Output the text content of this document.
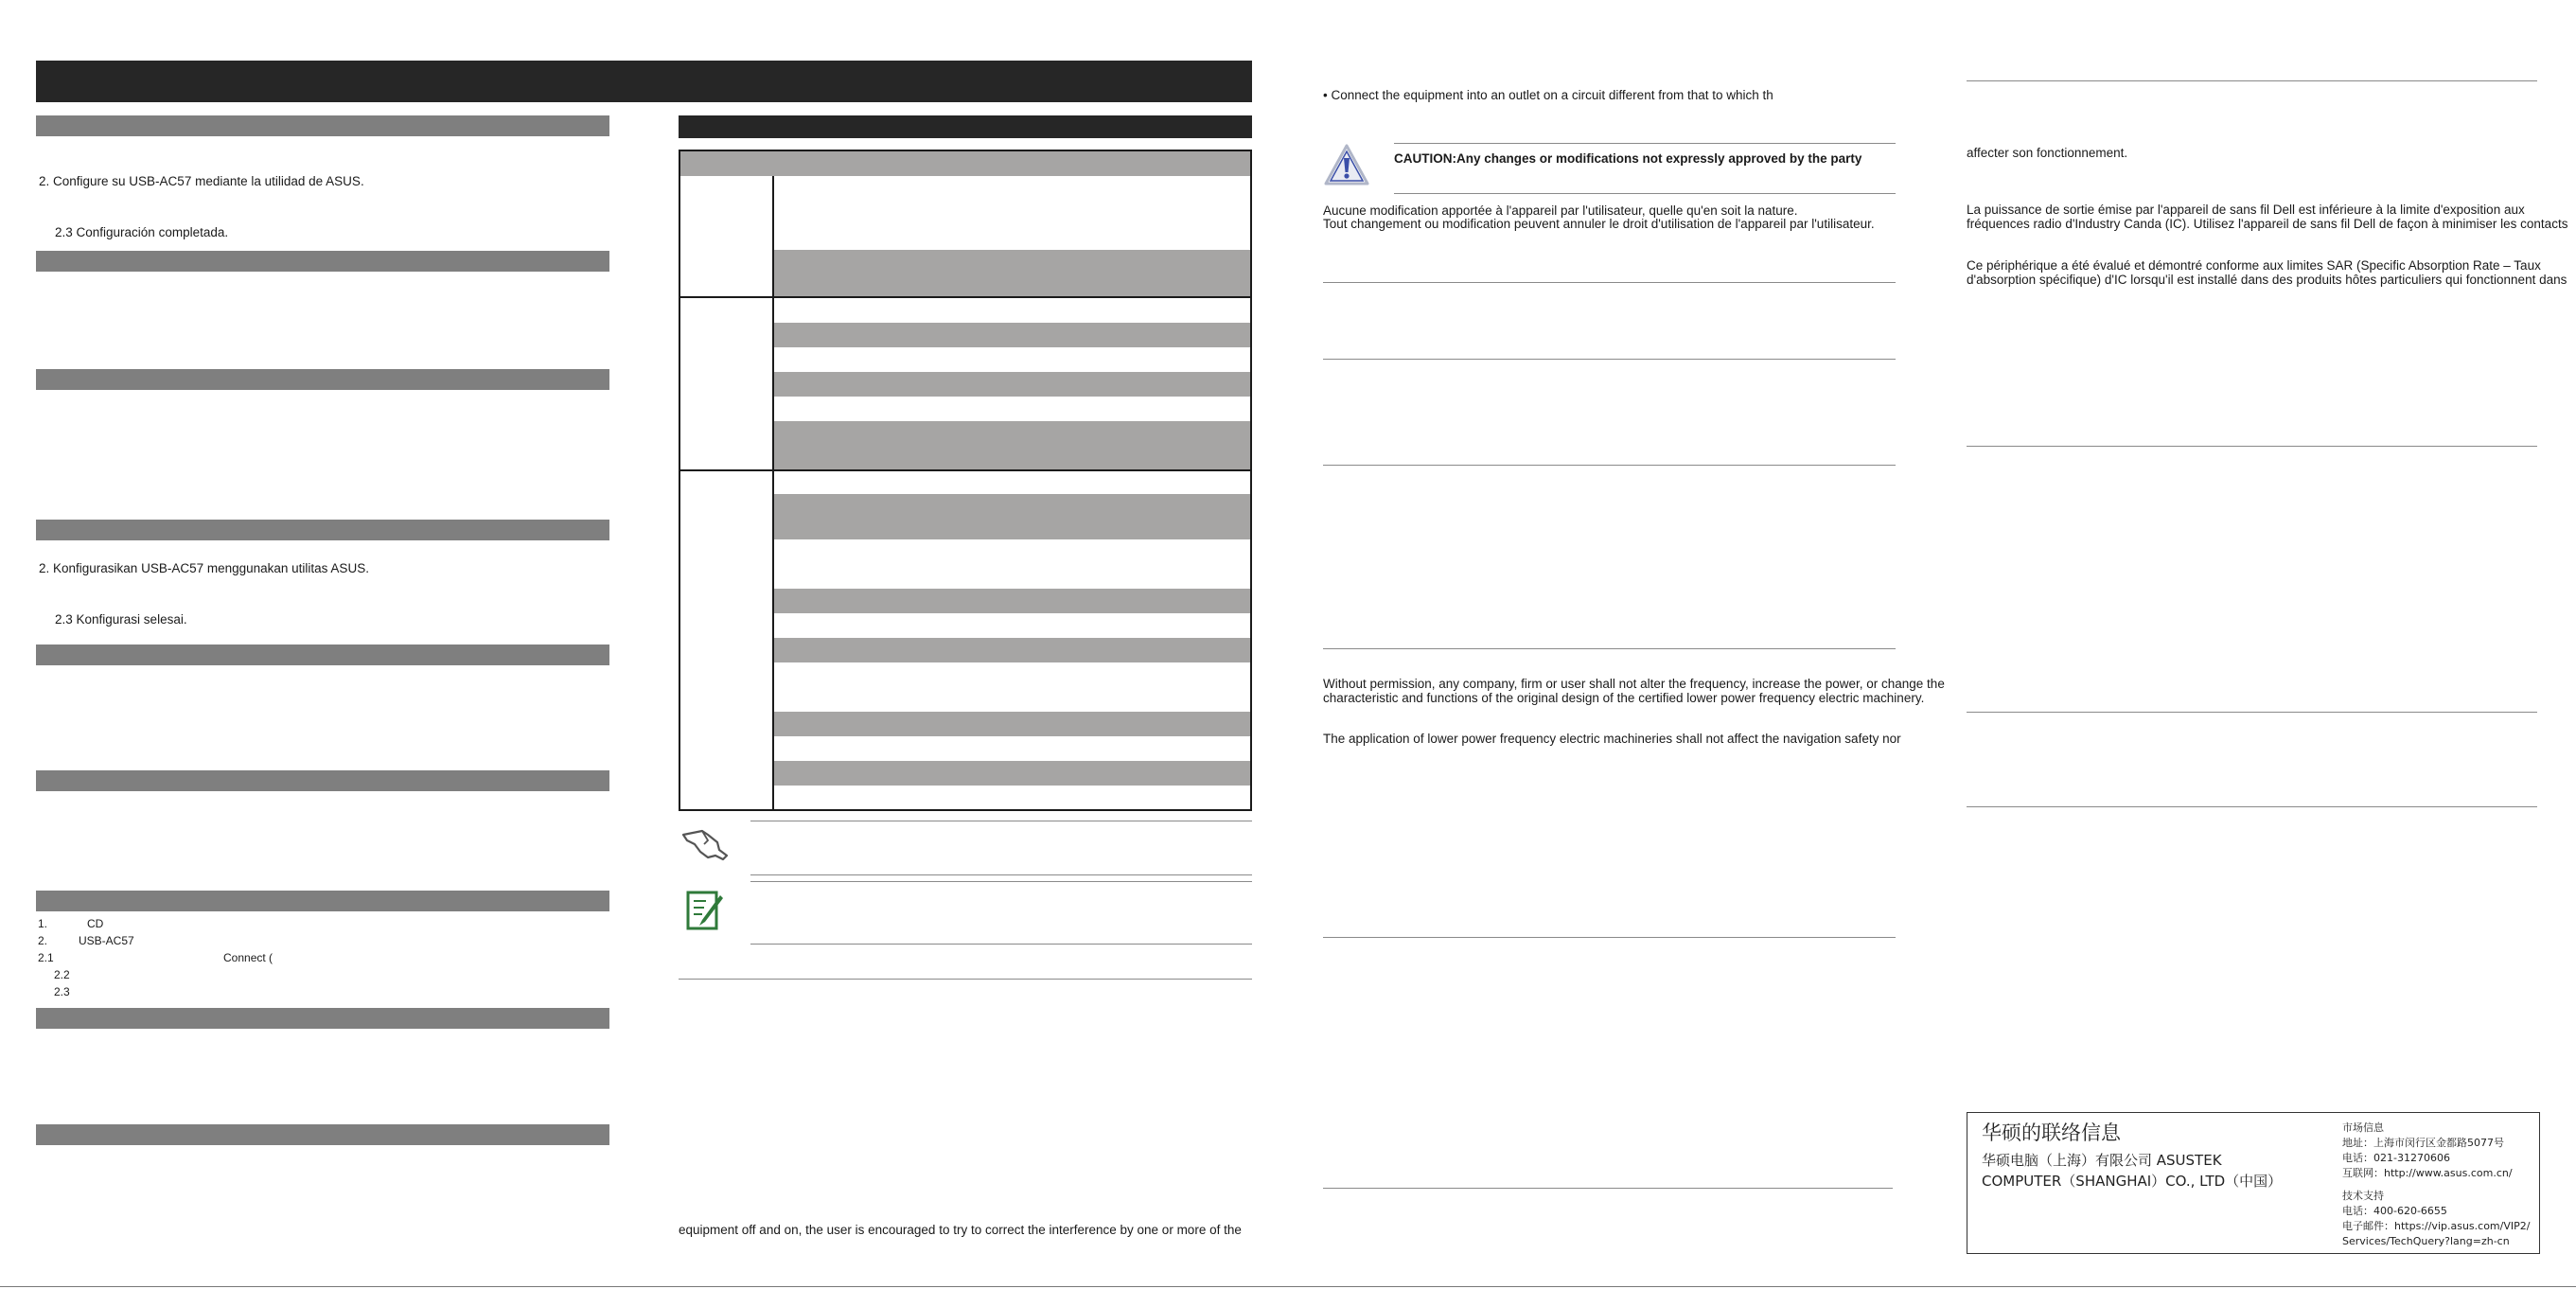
2. Configure su USB-AC57 mediante la utilidad de ASUS.
2.3 Configuración completada.
2. Konfigurasikan USB-AC57 menggunakan utilitas ASUS.
2.3 Konfigurasi selesai.
1.	CD
2.	USB-AC57
2.1	Connect (
2.2
2.3
equipment off and on, the user is encouraged to try to correct the interference by one or more of the
• Connect the equipment into an outlet on a circuit different from that to which th
CAUTION:Any changes or modifications not expressly approved by the party
Aucune modification apportée à l'appareil par l'utilisateur, quelle qu'en soit la nature.
Tout changement ou modification peuvent annuler le droit d'utilisation de l'appareil par l'utilisateur.
Without permission, any company, firm or user shall not alter the frequency, increase the power, or change the
characteristic and functions of the original design of the certified lower power frequency electric machinery.
The application of lower power frequency electric machineries shall not affect the navigation safety nor
affecter son fonctionnement.
La puissance de sortie émise par l'appareil de sans fil Dell est inférieure à la limite d'exposition aux
fréquences radio d'Industry Canda (IC). Utilisez l'appareil de sans fil Dell de façon à minimiser les contacts
Ce périphérique a été évalué et démontré conforme aux limites SAR (Specific Absorption Rate – Taux
d'absorption spécifique) d'IC lorsqu'il est installé dans des produits hôtes particuliers qui fonctionnent dans
华硕的联络信息
华硕电脑（上海）有限公司 ASUSTEK
COMPUTER（SHANGHAI）CO., LTD（中国）
市场信息
地址：上海市闵行区金都路5077号
电话：021-31270606
互联网：http://www.asus.com.cn/
技术支持
电话：400-620-6655
电子邮件：https://vip.asus.com/VIP2/
Services/TechQuery?lang=zh-cn
